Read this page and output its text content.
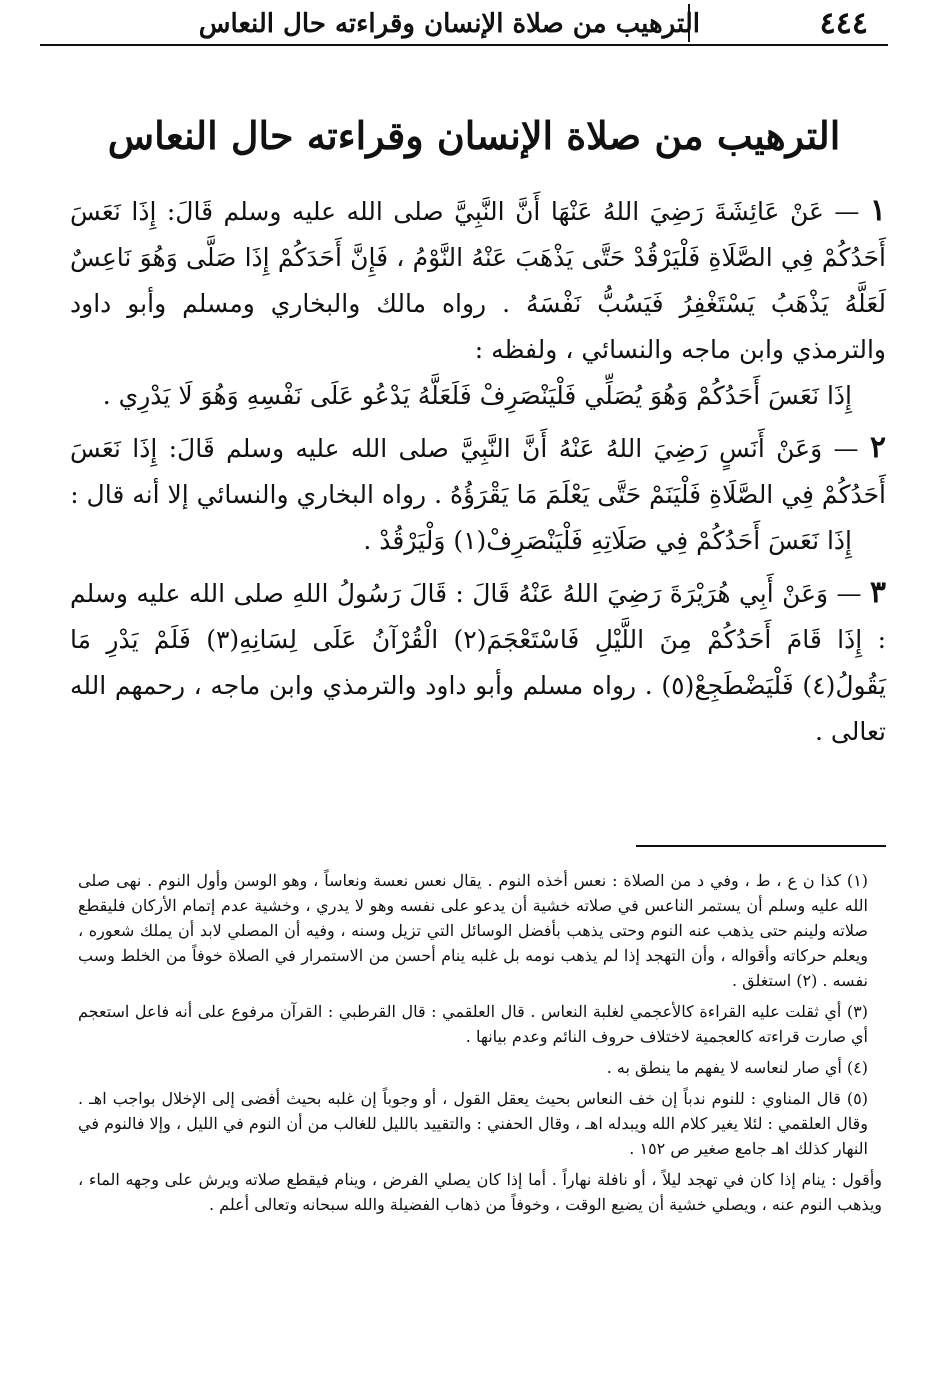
٤٤٤
الترهيب من صلاة الإنسان وقراءته حال النعاس
الترهيب من صلاة الإنسان وقراءته حال النعاس

١ — عَنْ عَائِشَةَ رَضِيَ اللهُ عَنْهَا أَنَّ النَّبِيَّ صلى الله عليه وسلم قَالَ: إِذَا نَعَسَ أَحَدُكُمْ فِي الصَّلَاةِ فَلْيَرْقُدْ حَتَّى يَذْهَبَ عَنْهُ النَّوْمُ ، فَإِنَّ أَحَدَكُمْ إِذَا صَلَّى وَهُوَ نَاعِسٌ لَعَلَّهُ يَذْهَبُ يَسْتَغْفِرُ فَيَسُبُّ نَفْسَهُ . رواه مالك والبخاري ومسلم وأبو داود والترمذي وابن ماجه والنسائي ، ولفظه :

إِذَا نَعَسَ أَحَدُكُمْ وَهُوَ يُصَلِّي فَلْيَنْصَرِفْ فَلَعَلَّهُ يَدْعُو عَلَى نَفْسِهِ وَهُوَ لَا يَدْرِي .

٢ — وَعَنْ أَنَسٍ رَضِيَ اللهُ عَنْهُ أَنَّ النَّبِيَّ صلى الله عليه وسلم قَالَ: إِذَا نَعَسَ أَحَدُكُمْ فِي الصَّلَاةِ فَلْيَنَمْ حَتَّى يَعْلَمَ مَا يَقْرَؤُهُ . رواه البخاري والنسائي إلا أنه قال :

إِذَا نَعَسَ أَحَدُكُمْ فِي صَلَاتِهِ فَلْيَنْصَرِفْ(١) وَلْيَرْقُدْ .

٣ — وَعَنْ أَبِي هُرَيْرَةَ رَضِيَ اللهُ عَنْهُ قَالَ : قَالَ رَسُولُ اللهِ صلى الله عليه وسلم : إِذَا قَامَ أَحَدُكُمْ مِنَ اللَّيْلِ فَاسْتَعْجَمَ(٢) الْقُرْآنُ عَلَى لِسَانِهِ(٣) فَلَمْ يَدْرِ مَا يَقُولُ(٤) فَلْيَضْطَجِعْ(٥) . رواه مسلم وأبو داود والترمذي وابن ماجه ، رحمهم الله تعالى .

(١) كذا ن ع ، ط ، وفي د من الصلاة : نعس أخذه النوم . يقال نعس نعسة ونعاساً ، وهو الوسن وأول النوم . نهى صلى الله عليه وسلم أن يستمر الناعس في صلاته خشية أن يدعو على نفسه وهو لا يدري ، وخشية عدم إتمام الأركان فليقطع صلاته ولينم حتى يذهب عنه النوم وحتى يذهب بأفضل الوسائل التي تزيل وسنه ، وفيه أن المصلي لابد أن يملك شعوره ، ويعلم حركاته وأقواله ، وأن التهجد إذا لم يذهب نومه بل غلبه ينام أحسن من الاستمرار في الصلاة خوفاً من الخلط وسب نفسه . (٢) استغلق .

(٣) أي ثقلت عليه القراءة كالأعجمي لغلبة النعاس . قال العلقمي : قال القرطبي : القرآن مرفوع على أنه فاعل استعجم أي صارت قراءته كالعجمية لاختلاف حروف النائم وعدم بيانها .

(٤) أي صار لنعاسه لا يفهم ما ينطق به .

(٥) قال المناوي : للنوم ندباً إن خف النعاس بحيث يعقل القول ، أو وجوباً إن غلبه بحيث أفضى إلى الإخلال بواجب اهـ . وقال العلقمي : لئلا يغير كلام الله ويبدله اهـ ، وقال الحفني : والتقييد بالليل للغالب من أن النوم في الليل ، وإلا فالنوم في النهار كذلك اهـ جامع صغير ص ١٥٢ .

وأقول : ينام إذا كان في تهجد ليلاً ، أو نافلة نهاراً . أما إذا كان يصلي الفرض ، وينام فيقطع صلاته ويرش على وجهه الماء ، ويذهب النوم عنه ، ويصلي خشية أن يضيع الوقت ، وخوفاً من ذهاب الفضيلة والله سبحانه وتعالى أعلم .
